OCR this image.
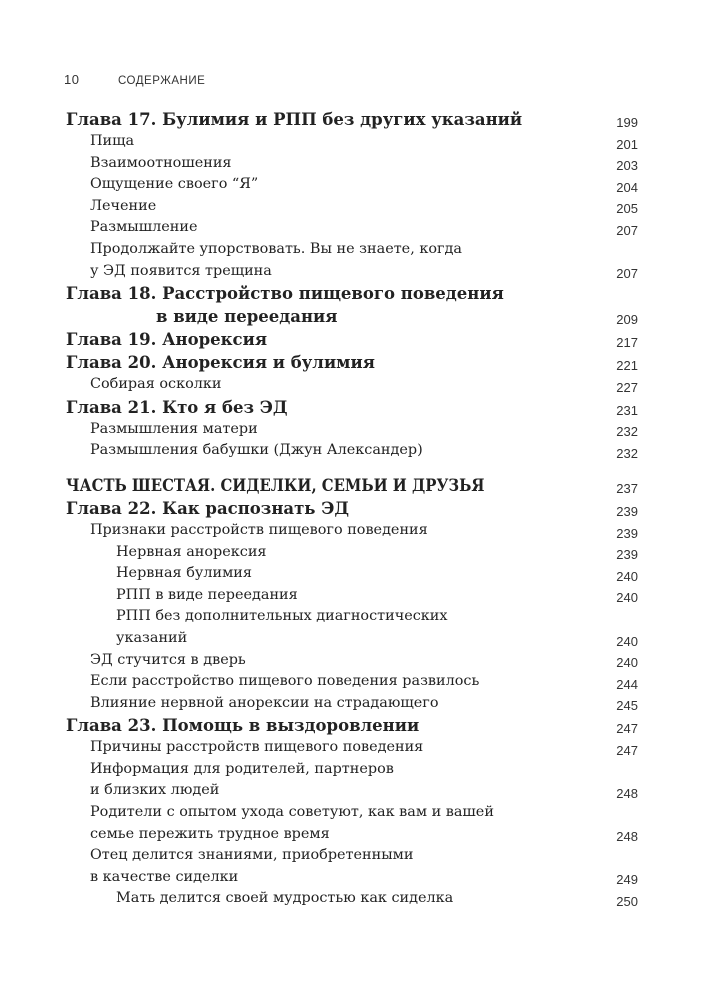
10	СОДЕРЖАНИЕ
Глава 17. Булимия и РПП без других указаний	199
Пища	201
Взаимоотношения	203
Ощущение своего “Я”	204
Лечение	205
Размышление	207
Продолжайте упорствовать. Вы не знаете, когда
у ЭД появится трещина	207
Глава 18. Расстройство пищевого поведения
в виде переедания	209
Глава 19. Анорексия	217
Глава 20. Анорексия и булимия	221
Собирая осколки	227
Глава 21. Кто я без ЭД	231
Размышления матери	232
Размышления бабушки (Джун Александер)	232
ЧАСТЬ ШЕСТАЯ. СИДЕЛКИ, СЕМЬИ И ДРУЗЬЯ	237
Глава 22. Как распознать ЭД	239
Признаки расстройств пищевого поведения	239
Нервная анорексия	239
Нервная булимия	240
РПП в виде переедания	240
РПП без дополнительных диагностических
указаний	240
ЭД стучится в дверь	240
Если расстройство пищевого поведения развилось	244
Влияние нервной анорексии на страдающего	245
Глава 23. Помощь в выздоровлении	247
Причины расстройств пищевого поведения	247
Информация для родителей, партнеров
и близких людей	248
Родители с опытом ухода советуют, как вам и вашей
семье пережить трудное время	248
Отец делится знаниями, приобретенными
в качестве сиделки	249
Мать делится своей мудростью как сиделка	250
